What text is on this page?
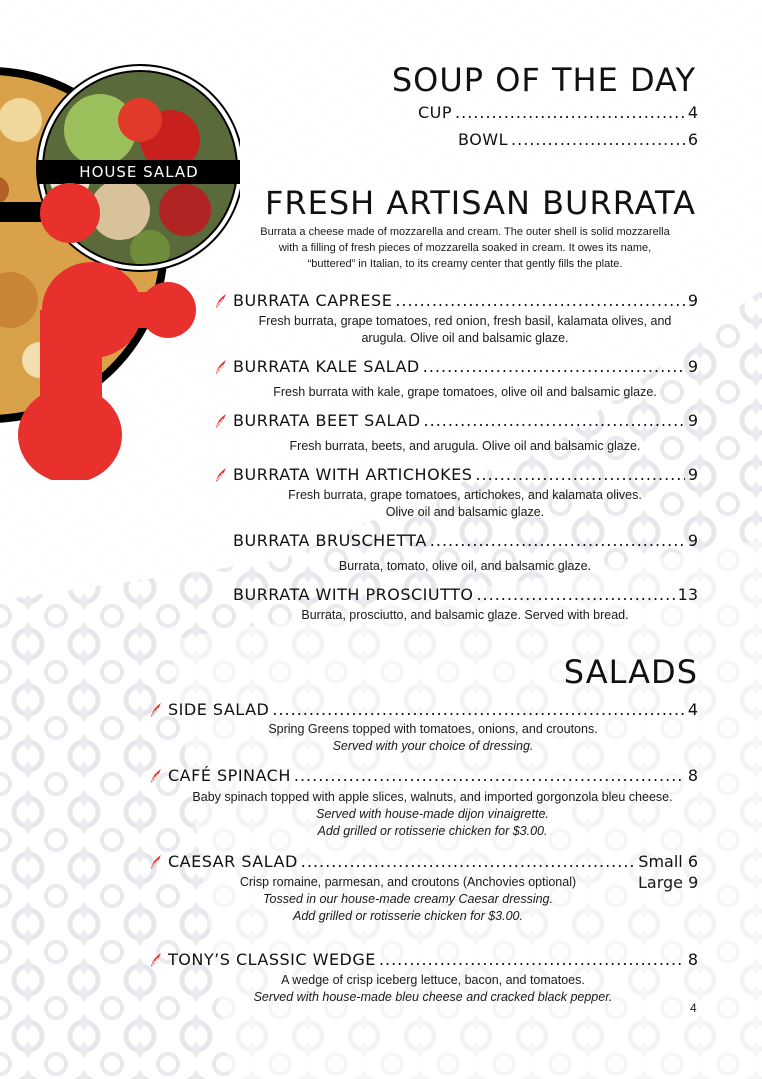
HOUSE SALAD
SOUP OF THE DAY
CUP .....	4
BOWL .....	6
FRESH ARTISAN BURRATA
Burrata a cheese made of mozzarella and cream. The outer shell is solid mozzarella
with a filling of fresh pieces of mozzarella soaked in cream. It owes its name,
“buttered” in Italian, to its creamy center that gently fills the plate.
BURRATA CAPRESE .....	9
Fresh burrata, grape tomatoes, red onion, fresh basil, kalamata olives, and
arugula. Olive oil and balsamic glaze.
BURRATA KALE SALAD .....	9
Fresh burrata with kale, grape tomatoes, olive oil and balsamic glaze.
BURRATA BEET SALAD .....	9
Fresh burrata, beets, and arugula. Olive oil and balsamic glaze.
BURRATA WITH ARTICHOKES .....	9
Fresh burrata, grape tomatoes, artichokes, and kalamata olives.
Olive oil and balsamic glaze.
BURRATA BRUSCHETTA .....	9
Burrata, tomato, olive oil, and balsamic glaze.
BURRATA WITH PROSCIUTTO .....	13
Burrata, prosciutto, and balsamic glaze. Served with bread.
SALADS
SIDE SALAD .....	4
Spring Greens topped with tomatoes, onions, and croutons.
Served with your choice of dressing.
CAFÉ SPINACH .....	8
Baby spinach topped with apple slices, walnuts, and imported gorgonzola bleu cheese.
Served with house-made dijon vinaigrette.
Add grilled or rotisserie chicken for $3.00.
CAESAR SALAD .....	Small 6
Large 9
Crisp romaine, parmesan, and croutons (Anchovies optional)
Tossed in our house-made creamy Caesar dressing.
Add grilled or rotisserie chicken for $3.00.
TONY’S CLASSIC WEDGE .....	8
A wedge of crisp iceberg lettuce, bacon, and tomatoes.
Served with house-made bleu cheese and cracked black pepper.
4
